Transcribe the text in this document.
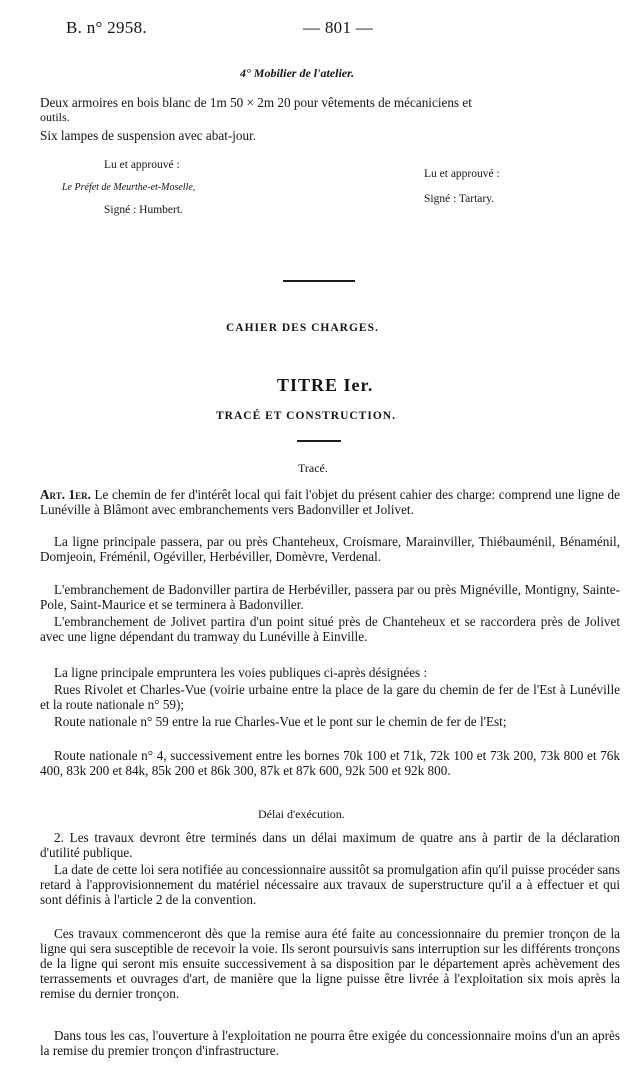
B. n° 2958.	— 801 —
4° Mobilier de l'atelier.
Deux armoires en bois blanc de 1m 50 × 2m 20 pour vêtements de mécaniciens et
outils.
Six lampes de suspension avec abat-jour.
Lu et approuvé :
Le Préfet de Meurthe-et-Moselle,
Signé : Humbert.
Lu et approuvé :
Signé : Tartary.
CAHIER DES CHARGES.
TITRE Ier.
TRACÉ ET CONSTRUCTION.
Tracé.
Art. 1er. Le chemin de fer d'intérêt local qui fait l'objet du présent cahier des charge: comprend une ligne de Lunéville à Blâmont avec embranchements vers Badonviller et Jolivet.
La ligne principale passera, par ou près Chanteheux, Croismare, Marainviller, Thiébauménil, Bénaménil, Domjeoin, Fréménil, Ogéviller, Herbéviller, Domèvre, Verdenal.
L'embranchement de Badonviller partira de Herbéviller, passera par ou près Mignéville, Montigny, Sainte-Pole, Saint-Maurice et se terminera à Badonviller.
L'embranchement de Jolivet partira d'un point situé près de Chanteheux et se raccordera près de Jolivet avec une ligne dépendant du tramway du Lunéville à Einville.
La ligne principale empruntera les voies publiques ci-après désignées :
Rues Rivolet et Charles-Vue (voirie urbaine entre la place de la gare du chemin de fer de l'Est à Lunéville et la route nationale n° 59);
Route nationale n° 59 entre la rue Charles-Vue et le pont sur le chemin de fer de l'Est;
Route nationale n° 4, successivement entre les bornes 70k 100 et 71k, 72k 100 et 73k 200, 73k 800 et 76k 400, 83k 200 et 84k, 85k 200 et 86k 300, 87k et 87k 600, 92k 500 et 92k 800.
Délai d'exécution.
2. Les travaux devront être terminés dans un délai maximum de quatre ans à partir de la déclaration d'utilité publique.
La date de cette loi sera notifiée au concessionnaire aussitôt sa promulgation afin qu'il puisse procéder sans retard à l'approvisionnement du matériel nécessaire aux travaux de superstructure qu'il a à effectuer et qui sont définis à l'article 2 de la convention.
Ces travaux commenceront dès que la remise aura été faite au concessionnaire du premier tronçon de la ligne qui sera susceptible de recevoir la voie. Ils seront poursuivis sans interruption sur les différents tronçons de la ligne qui seront mis ensuite successivement à sa disposition par le département après achèvement des terrassements et ouvrages d'art, de manière que la ligne puisse être livrée à l'exploitation six mois après la remise du dernier tronçon.
Dans tous les cas, l'ouverture à l'exploitation ne pourra être exigée du concessionnaire moins d'un an après la remise du premier tronçon d'infrastructure.
